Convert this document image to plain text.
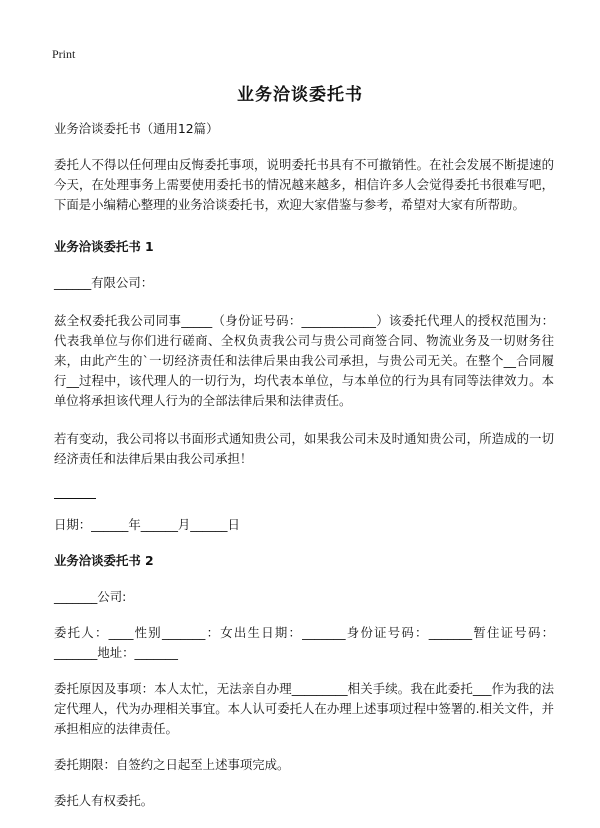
Print
业务洽谈委托书

业务洽谈委托书（通用12篇）

委托人不得以任何理由反悔委托事项，说明委托书具有不可撤销性。在社会发展不断提速的今天，在处理事务上需要使用委托书的情况越来越多，相信许多人会觉得委托书很难写吧，下面是小编精心整理的业务洽谈委托书，欢迎大家借鉴与参考，希望对大家有所帮助。

业务洽谈委托书 1

______有限公司：

兹全权委托我公司同事_____（身份证号码：____________）该委托代理人的授权范围为：代表我单位与你们进行磋商、全权负责我公司与贵公司商签合同、物流业务及一切财务往来，由此产生的`一切经济责任和法律后果由我公司承担，与贵公司无关。在整个__合同履行__过程中，该代理人的一切行为，均代表本单位，与本单位的行为具有同等法律效力。本单位将承担该代理人行为的全部法律后果和法律责任。

若有变动，我公司将以书面形式通知贵公司，如果我公司未及时通知贵公司，所造成的一切经济责任和法律后果由我公司承担！

日期：______年______月______日

业务洽谈委托书 2

_______公司:

委托人：____性别_______：女出生日期：_______身份证号码：_______暂住证号码：_______地址：_______

委托原因及事项：本人太忙，无法亲自办理_________相关手续。我在此委托___作为我的法定代理人，代为办理相关事宜。本人认可委托人在办理上述事项过程中签署的.相关文件，并承担相应的法律责任。

委托期限：自签约之日起至上述事项完成。

委托人有权委托。
